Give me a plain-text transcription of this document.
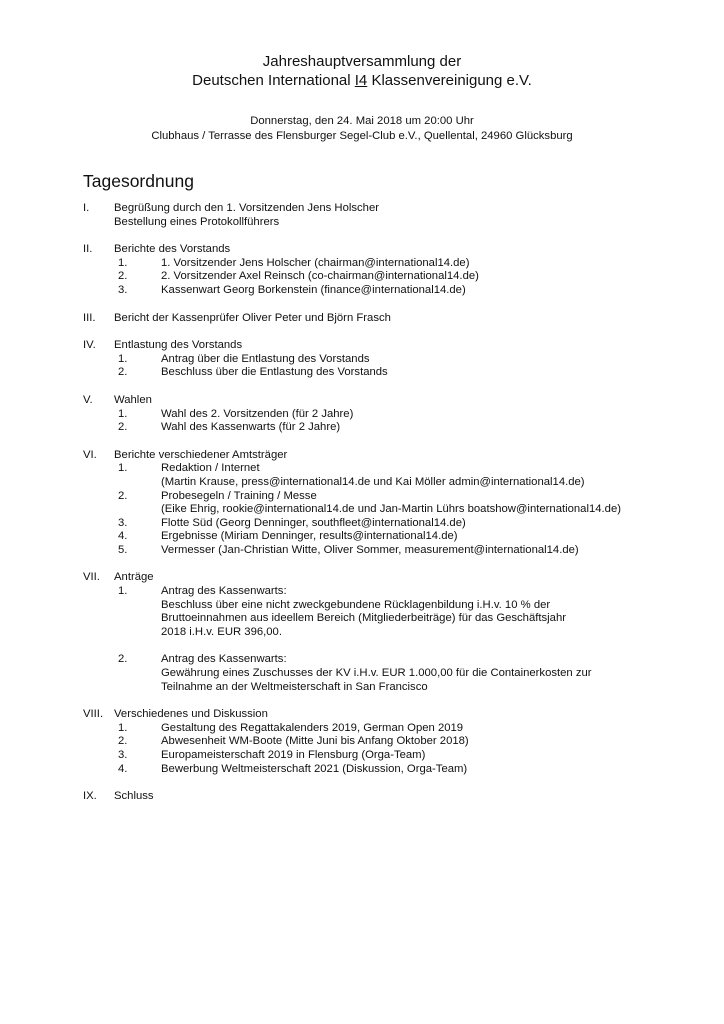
Jahreshauptversammlung der
Deutschen International I4 Klassenvereinigung e.V.
Donnerstag, den 24. Mai 2018 um 20:00 Uhr
Clubhaus / Terrasse des Flensburger Segel-Club e.V., Quellental, 24960 Glücksburg
Tagesordnung
I.	Begrüßung durch den 1. Vorsitzenden Jens Holscher
Bestellung eines Protokollführers
II.	Berichte des Vorstands
1.	1. Vorsitzender Jens Holscher (chairman@international14.de)
2.	2. Vorsitzender Axel Reinsch (co-chairman@international14.de)
3.	Kassenwart Georg Borkenstein (finance@international14.de)
III.	Bericht der Kassenprüfer Oliver Peter und Björn Frasch
IV.	Entlastung des Vorstands
1.	Antrag über die Entlastung des Vorstands
2.	Beschluss über die Entlastung des Vorstands
V.	Wahlen
1.	Wahl des 2. Vorsitzenden (für 2 Jahre)
2.	Wahl des Kassenwarts (für 2 Jahre)
VI.	Berichte verschiedener Amtsträger
1.	Redaktion / Internet
(Martin Krause, press@international14.de und Kai Möller admin@international14.de)
2.	Probesegeln / Training / Messe
(Eike Ehrig, rookie@international14.de und Jan-Martin Lührs boatshow@international14.de)
3.	Flotte Süd (Georg Denninger, southfleet@international14.de)
4.	Ergebnisse (Miriam Denninger, results@international14.de)
5.	Vermesser (Jan-Christian Witte, Oliver Sommer, measurement@international14.de)
VII.	Anträge
1.	Antrag des Kassenwarts:
Beschluss über eine nicht zweckgebundene Rücklagenbildung i.H.v. 10 % der
Bruttoeinnahmen aus ideellem Bereich (Mitgliederbeiträge) für das Geschäftsjahr
2018 i.H.v. EUR 396,00.
2.	Antrag des Kassenwarts:
Gewährung eines Zuschusses der KV i.H.v. EUR 1.000,00 für die Containerkosten zur
Teilnahme an der Weltmeisterschaft in San Francisco
VIII. Verschiedenes und Diskussion
1.	Gestaltung des Regattakalenders 2019, German Open 2019
2.	Abwesenheit WM-Boote (Mitte Juni bis Anfang Oktober 2018)
3.	Europameisterschaft 2019 in Flensburg (Orga-Team)
4.	Bewerbung Weltmeisterschaft 2021 (Diskussion, Orga-Team)
IX.	Schluss
